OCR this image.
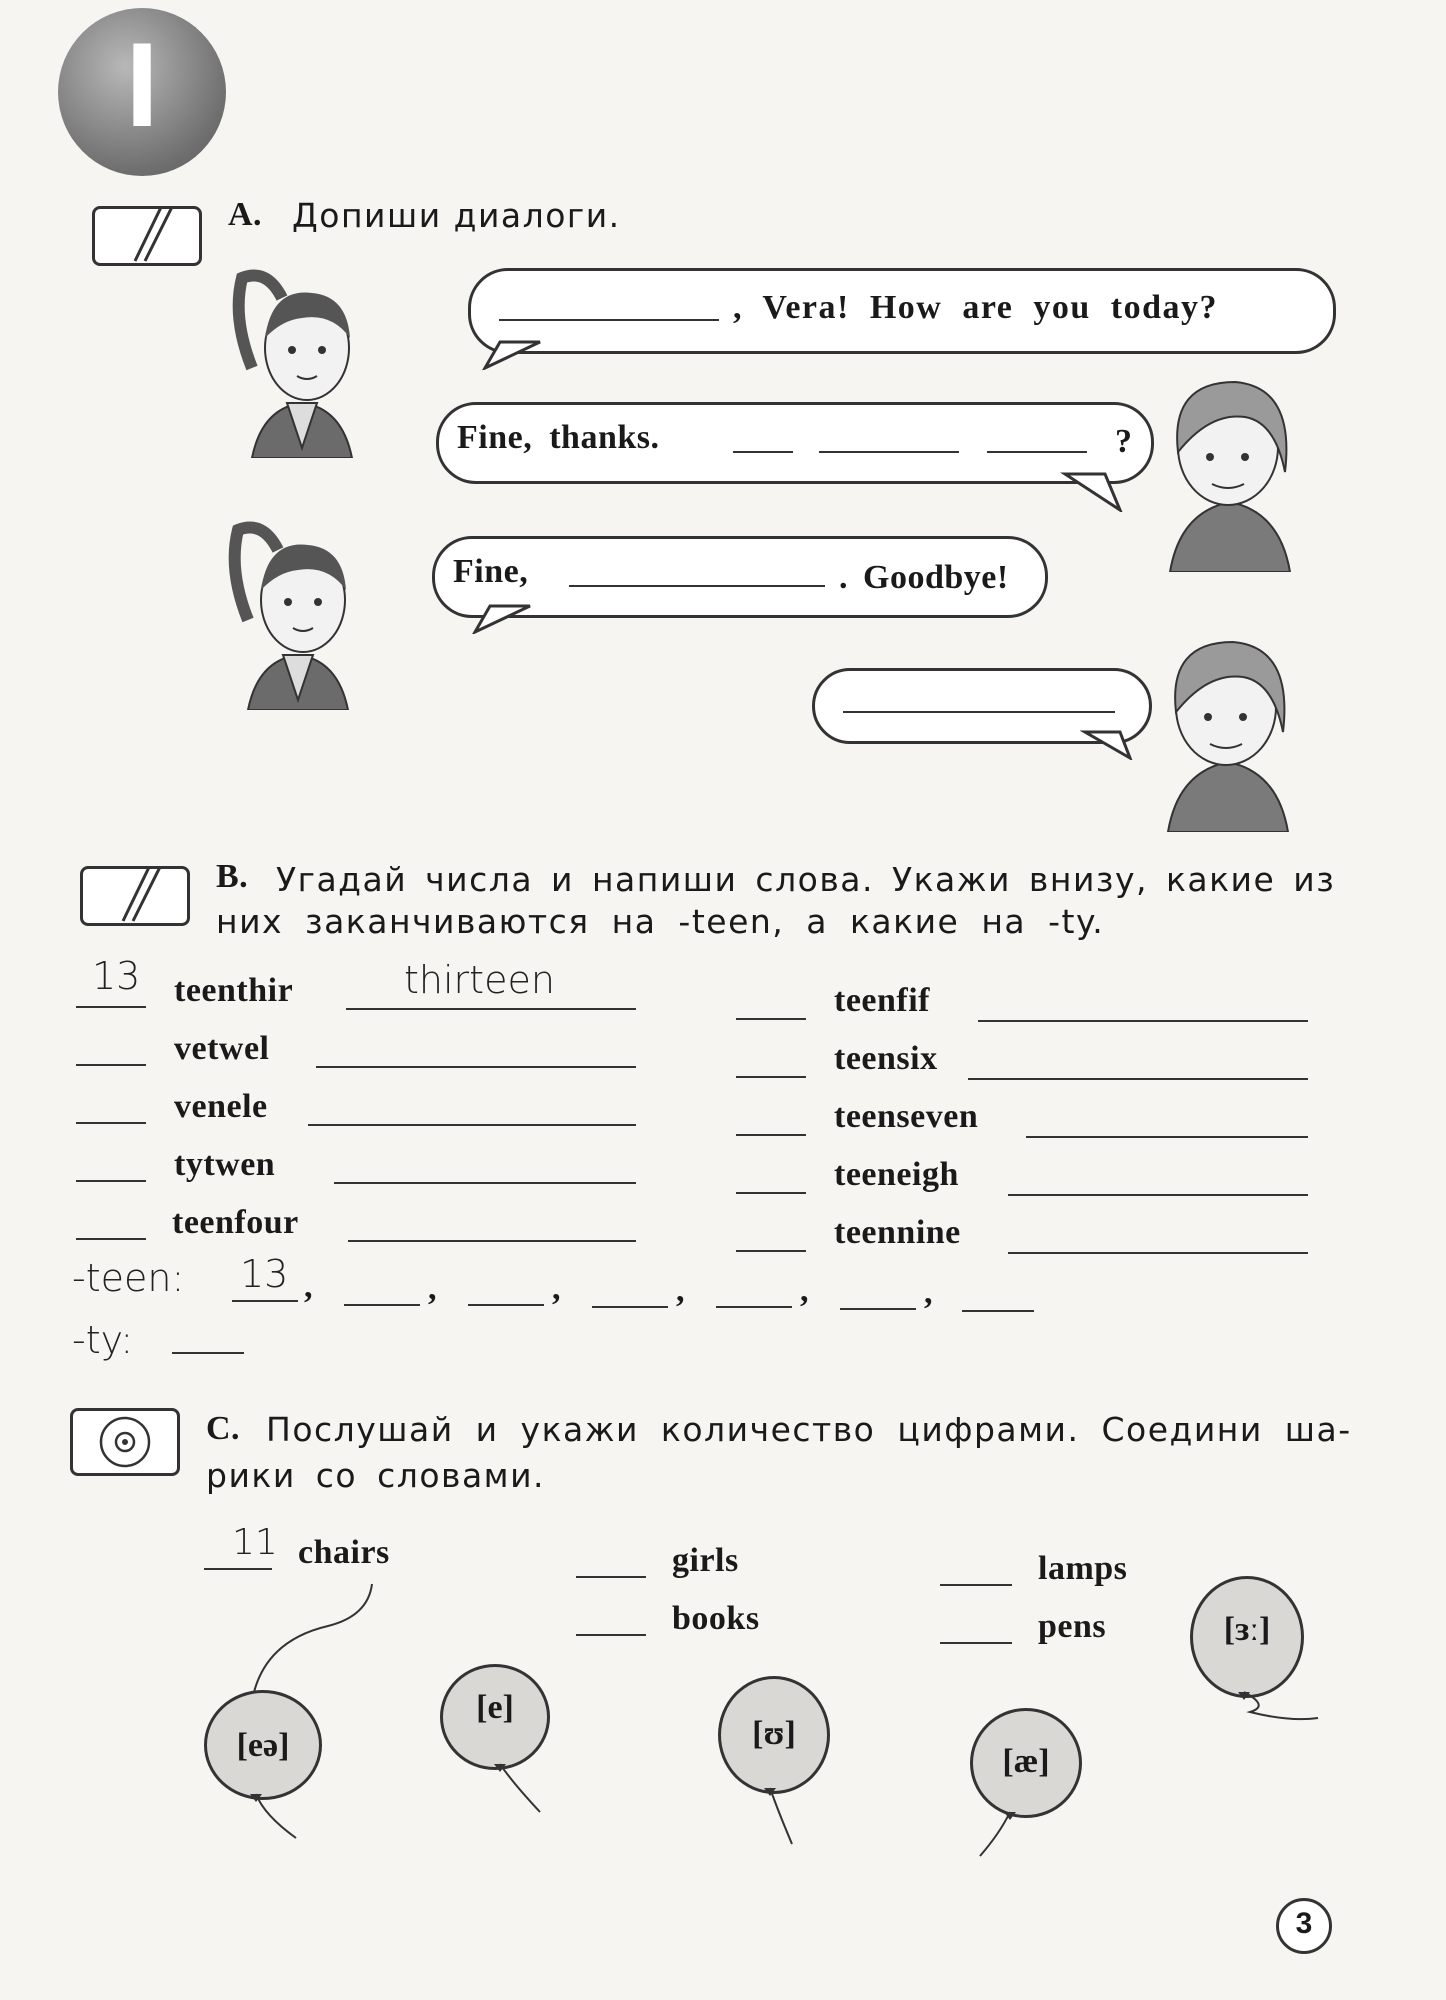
I
A. Допиши диалоги.
, Vera! How are you today?
Fine, thanks.	?
Fine,	. Goodbye!
B. Угадай числа и напиши слова. Укажи внизу, какие из
них заканчиваются на -teen, а какие на -ty.
13 teenthir	thirteen
vetwel
venele
tytwen
teenfour
teenfif
teensix
teenseven
teeneigh
teennine
-teen: 13 ,	,	,	,	,	,
-ty:
C. Послушай и укажи количество цифрами. Соедини ша-
рики со словами.
11 chairs	girls
books
lamps
pens
[eə]
[e]
[ʊ]
[æ]
[ɜː]
3
